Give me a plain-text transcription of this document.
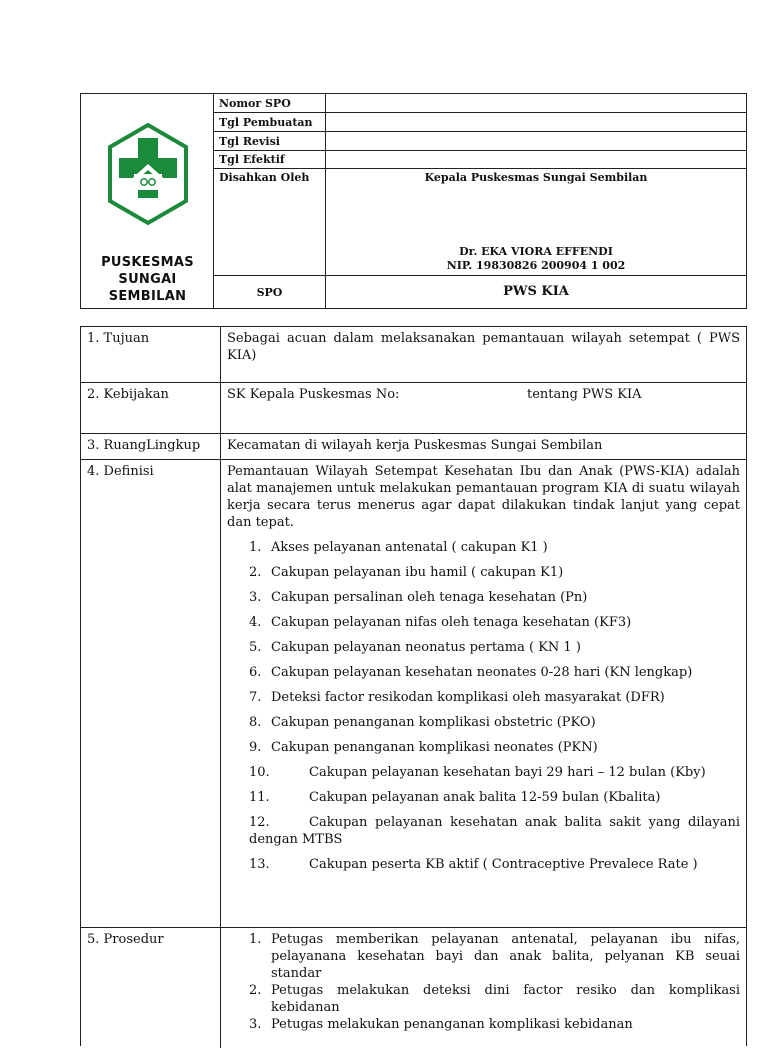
PUSKESMAS
SUNGAI
SEMBILAN
Nomor SPO
Tgl Pembuatan
Tgl Revisi
Tgl Efektif
Disahkan Oleh	Kepala Puskesmas Sungai Sembilan
Dr. EKA VIORA EFFENDI
NIP. 19830826 200904 1 002
SPO	PWS KIA
1. Tujuan	Sebagai acuan dalam melaksanakan pemantauan wilayah setempat ( PWS KIA)
2. Kebijakan	SK Kepala Puskesmas No:	tentang PWS KIA
3. RuangLingkup	Kecamatan di wilayah kerja Puskesmas Sungai Sembilan
4. Definisi	Pemantauan Wilayah Setempat Kesehatan Ibu dan Anak (PWS-KIA) adalah alat manajemen untuk melakukan pemantauan program KIA di suatu wilayah kerja secara terus menerus agar dapat dilakukan tindak lanjut yang cepat dan tepat.
1. Akses pelayanan antenatal ( cakupan K1 )
2. Cakupan pelayanan ibu hamil ( cakupan K1)
3. Cakupan persalinan oleh tenaga kesehatan (Pn)
4. Cakupan pelayanan nifas oleh tenaga kesehatan (KF3)
5. Cakupan pelayanan neonatus pertama ( KN 1 )
6. Cakupan pelayanan kesehatan neonates 0-28 hari (KN lengkap)
7. Deteksi factor resikodan komplikasi oleh masyarakat (DFR)
8. Cakupan penanganan komplikasi obstetric (PKO)
9. Cakupan penanganan komplikasi neonates (PKN)
10.	Cakupan pelayanan kesehatan bayi 29 hari – 12 bulan (Kby)
11.	Cakupan pelayanan anak balita 12-59 bulan (Kbalita)
12.	Cakupan pelayanan kesehatan anak balita sakit yang dilayani dengan MTBS
13.	Cakupan peserta KB aktif ( Contraceptive Prevalece Rate )
5. Prosedur	1. Petugas memberikan pelayanan antenatal, pelayanan ibu nifas, pelayanana kesehatan bayi dan anak balita, pelyanan KB seuai standar
2. Petugas melakukan deteksi dini factor resiko dan komplikasi kebidanan
3. Petugas melakukan penanganan komplikasi kebidanan
